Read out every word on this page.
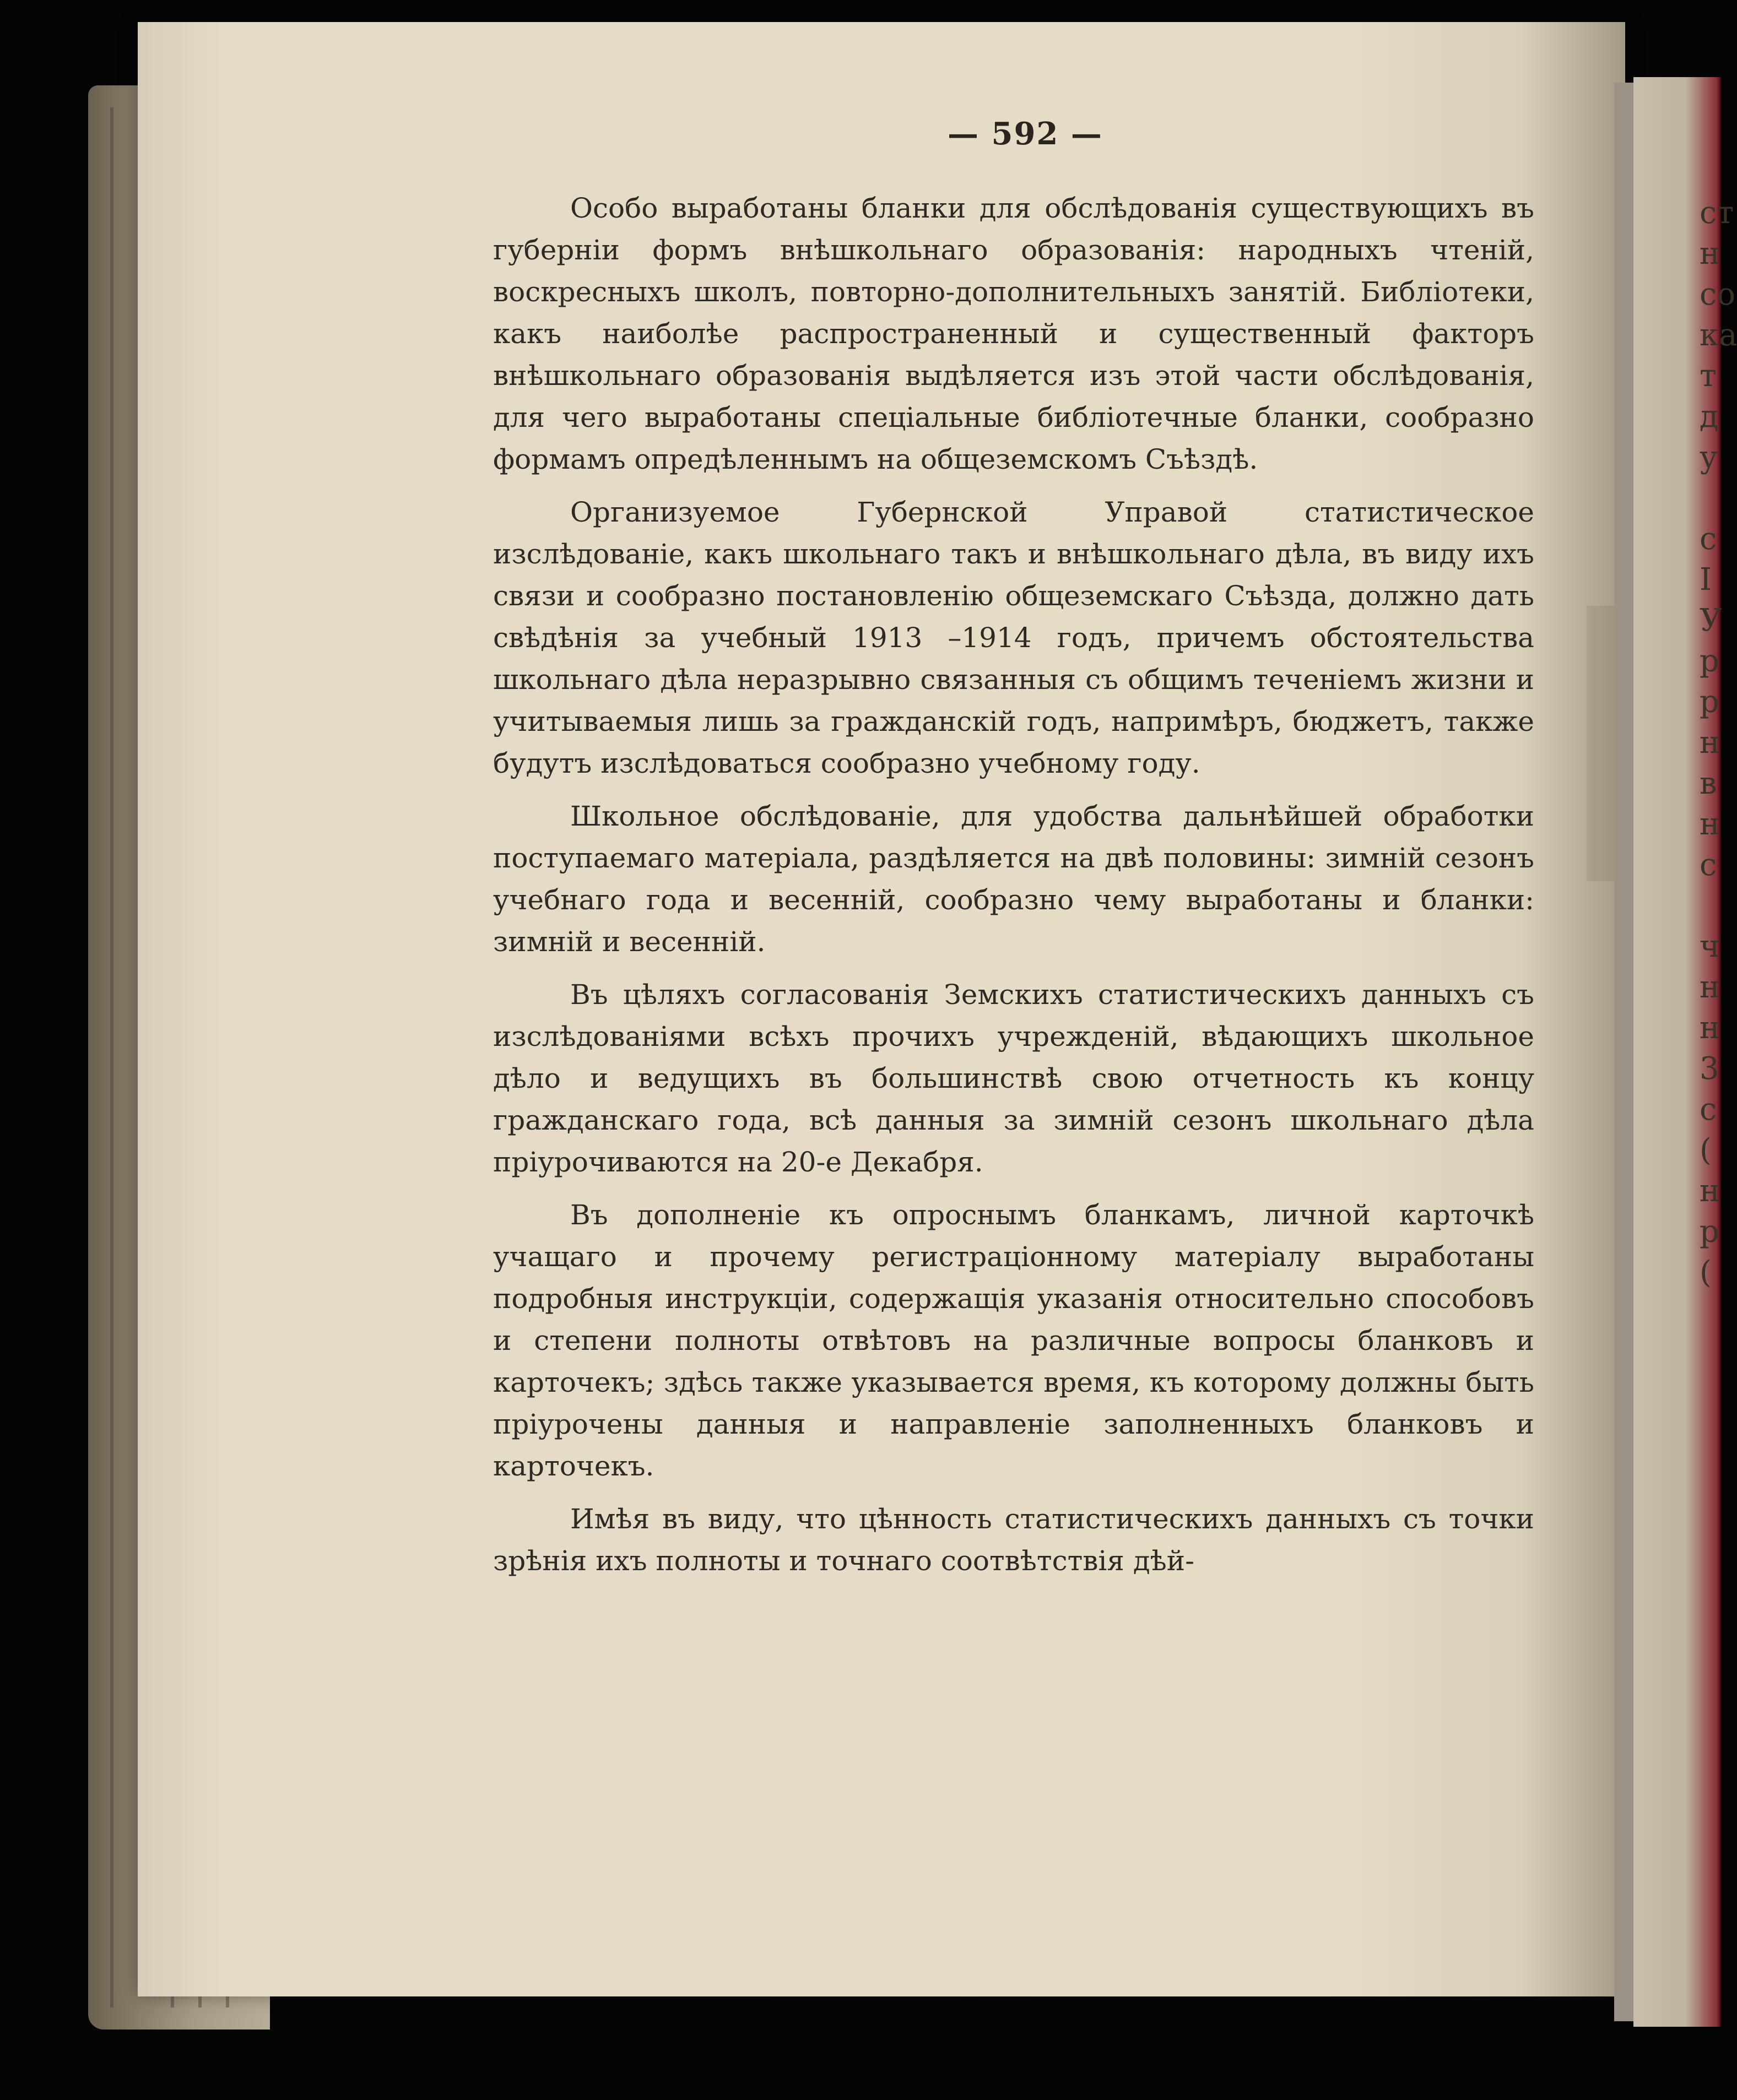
ст
н
со
ка
т
д
у

с
I
У
р
р
н
в
н
с

ч
н
н
3
с
(
н
р
(
— 592 —

Особо выработаны бланки для обслѣдованія существующихъ въ губерніи формъ внѣшкольнаго образованія: народныхъ чтеній, воскресныхъ школъ, повторно-дополнительныхъ занятій. Библіотеки, какъ наиболѣе распространенный и существенный факторъ внѣшкольнаго образованія выдѣляется изъ этой части обслѣдованія, для чего выработаны спеціальные библіотечные бланки, сообразно формамъ опредѣленнымъ на общеземскомъ Съѣздѣ.

Организуемое Губернской Управой статистическое изслѣдованіе, какъ школьнаго такъ и внѣшкольнаго дѣла, въ виду ихъ связи и сообразно постановленію общеземскаго Съѣзда, должно дать свѣдѣнія за учебный 1913 –1914 годъ, причемъ обстоятельства школьнаго дѣла неразрывно связанныя съ общимъ теченіемъ жизни и учитываемыя лишь за гражданскій годъ, напримѣръ, бюджетъ, также будутъ изслѣдоваться сообразно учебному году.

Школьное обслѣдованіе, для удобства дальнѣйшей обработки поступаемаго матеріала, раздѣляется на двѣ половины: зимній сезонъ учебнаго года и весенній, сообразно чему выработаны и бланки: зимній и весенній.

Въ цѣляхъ согласованія Земскихъ статистическихъ данныхъ съ изслѣдованіями всѣхъ прочихъ учрежденій, вѣдающихъ школьное дѣло и ведущихъ въ большинствѣ свою отчетность къ концу гражданскаго года, всѣ данныя за зимній сезонъ школьнаго дѣла пріурочиваются на 20-е Декабря.

Въ дополненіе къ опроснымъ бланкамъ, личной карточкѣ учащаго и прочему регистраціонному матеріалу выработаны подробныя инструкціи, содержащія указанія относительно способовъ и степени полноты отвѣтовъ на различные вопросы бланковъ и карточекъ; здѣсь также указывается время, къ которому должны быть пріурочены данныя и направленіе заполненныхъ бланковъ и карточекъ.

Имѣя въ виду, что цѣнность статистическихъ данныхъ съ точки зрѣнія ихъ полноты и точнаго соотвѣтствія дѣй-
